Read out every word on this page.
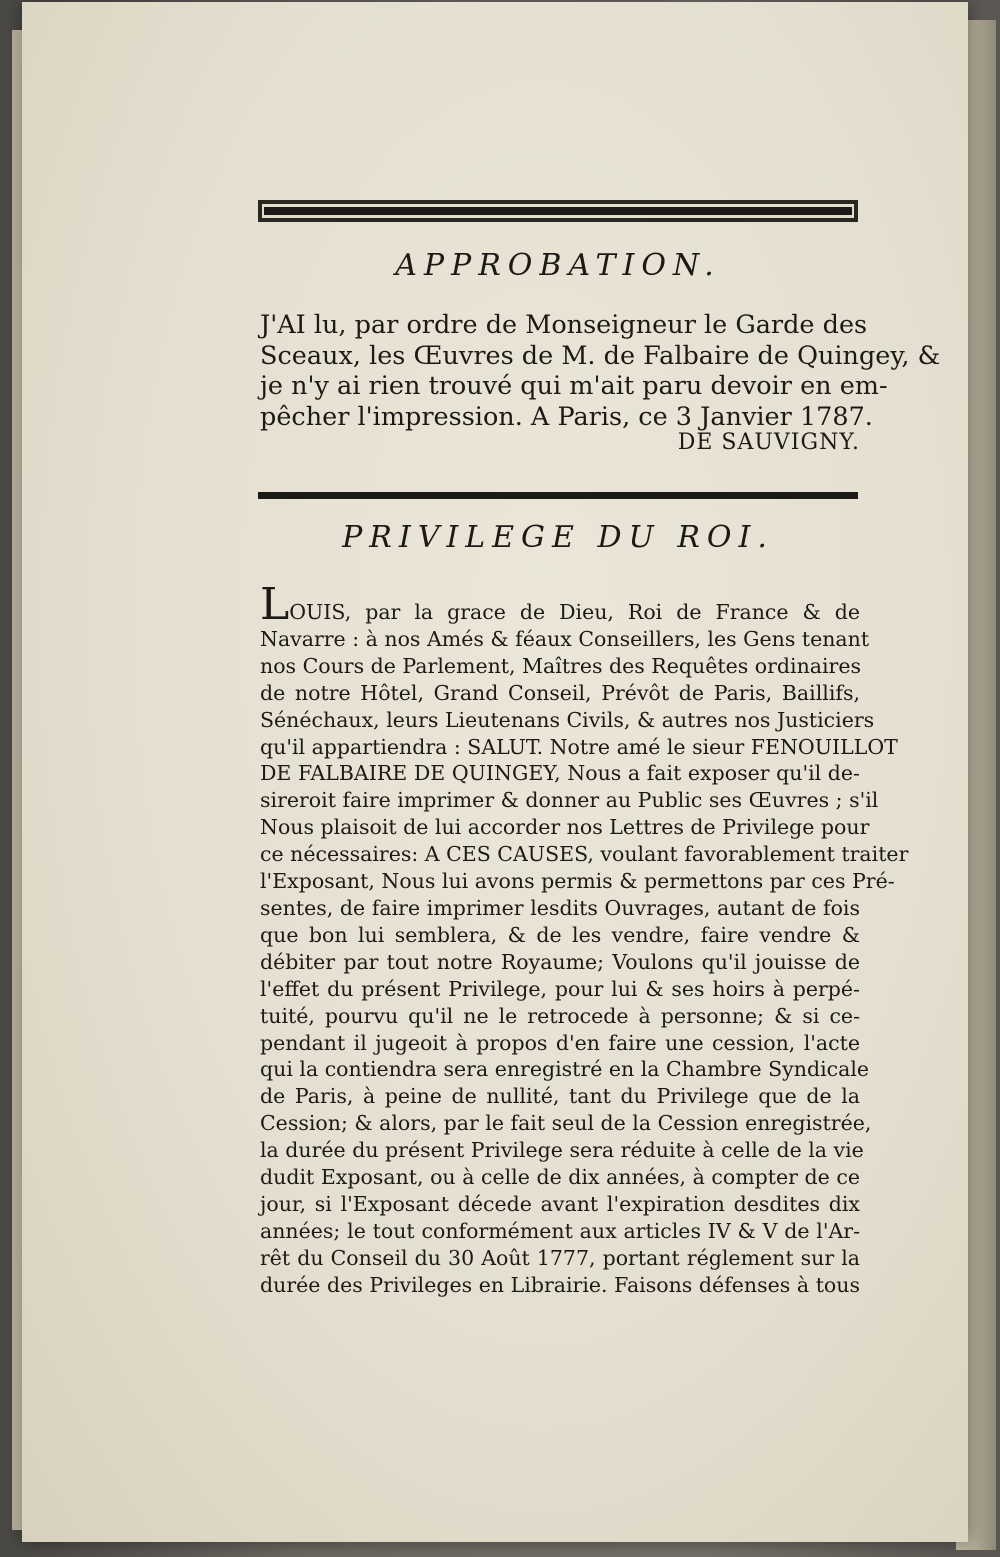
APPROBATION.
J'AI lu, par ordre de Monseigneur le Garde des
Sceaux, les Œuvres de M. de Falbaire de Quingey, &
je n'y ai rien trouvé qui m'ait paru devoir en em-
pêcher l'impression. A Paris, ce 3 Janvier 1787.
DE SAUVIGNY.
PRIVILEGE DU ROI.
LOUIS, par la grace de Dieu, Roi de France & de
Navarre : à nos Amés & féaux Conseillers, les Gens tenant
nos Cours de Parlement, Maîtres des Requêtes ordinaires
de notre Hôtel, Grand Conseil, Prévôt de Paris, Baillifs,
Sénéchaux, leurs Lieutenans Civils, & autres nos Justiciers
qu'il appartiendra : SALUT. Notre amé le sieur FENOUILLOT
DE FALBAIRE DE QUINGEY, Nous a fait exposer qu'il de-
sireroit faire imprimer & donner au Public ses Œuvres ; s'il
Nous plaisoit de lui accorder nos Lettres de Privilege pour
ce nécessaires: A CES CAUSES, voulant favorablement traiter
l'Exposant, Nous lui avons permis & permettons par ces Pré-
sentes, de faire imprimer lesdits Ouvrages, autant de fois
que bon lui semblera, & de les vendre, faire vendre &
débiter par tout notre Royaume; Voulons qu'il jouisse de
l'effet du présent Privilege, pour lui & ses hoirs à perpé-
tuité, pourvu qu'il ne le retrocede à personne; & si ce-
pendant il jugeoit à propos d'en faire une cession, l'acte
qui la contiendra sera enregistré en la Chambre Syndicale
de Paris, à peine de nullité, tant du Privilege que de la
Cession; & alors, par le fait seul de la Cession enregistrée,
la durée du présent Privilege sera réduite à celle de la vie
dudit Exposant, ou à celle de dix années, à compter de ce
jour, si l'Exposant décede avant l'expiration desdites dix
années; le tout conformément aux articles IV & V de l'Ar-
rêt du Conseil du 30 Août 1777, portant réglement sur la
durée des Privileges en Librairie. Faisons défenses à tous
